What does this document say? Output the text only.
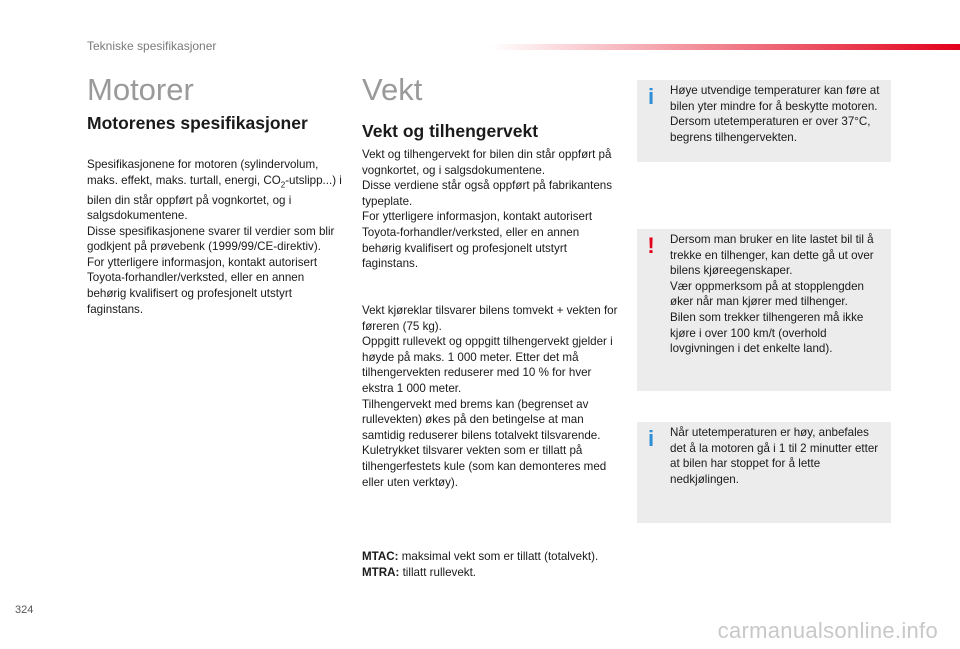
Tekniske spesifikasjoner
Motorer
Motorenes spesifikasjoner
Spesifikasjonene for motoren (sylindervolum, maks. effekt, maks. turtall, energi, $CO_2-utslipp$...) i bilen din står oppført på vognkortet, og i salgsdokumentene.
Disse spesifikasjonene svarer til verdier som blir godkjent på prøvebenk (1999/99/CE-direktiv).
For ytterligere informasjon, kontakt autorisert Toyota-forhandler/verksted, eller en annen behørig kvalifisert og profesjonelt utstyrt faginstans.
Vekt
Vekt og tilhengervekt
Vekt og tilhengervekt for bilen din står oppført på vognkortet, og i salgsdokumentene.
Disse verdiene står også oppført på fabrikantens typeplate.
For ytterligere informasjon, kontakt autorisert Toyota-forhandler/verksted, eller en annen behørig kvalifisert og profesjonelt utstyrt faginstans.
Vekt kjøreklar tilsvarer bilens tomvekt + vekten for føreren (75 kg).
Oppgitt rullevekt og oppgitt tilhengervekt gjelder i høyde på maks. 1 000 meter. Etter det må tilhengervekten reduserer med 10 % for hver ekstra 1 000 meter.
Tilhengervekt med brems kan (begrenset av rullevekten) økes på den betingelse at man samtidig reduserer bilens totalvekt tilsvarende.
Kuletrykket tilsvarer vekten som er tillatt på tilhengerfestets kule (som kan demonteres med eller uten verktøy).
MTAC: maksimal vekt som er tillatt (totalvekt).
MTRA: tillatt rullevekt.
i Høye utvendige temperaturer kan føre at bilen yter mindre for å beskytte motoren. Dersom utetemperaturen er over 37°C, begrens tilhengervekten.
! Dersom man bruker en lite lastet bil til å trekke en tilhenger, kan dette gå ut over bilens kjøreegenskaper.
Vær oppmerksom på at stopplengden øker når man kjører med tilhenger.
Bilen som trekker tilhengeren må ikke kjøre i over 100 km/t (overhold lovgivningen i det enkelte land).
i Når utetemperaturen er høy, anbefales det å la motoren gå i 1 til 2 minutter etter at bilen har stoppet for å lette nedkjølingen.
324
carmanualsonline.info
